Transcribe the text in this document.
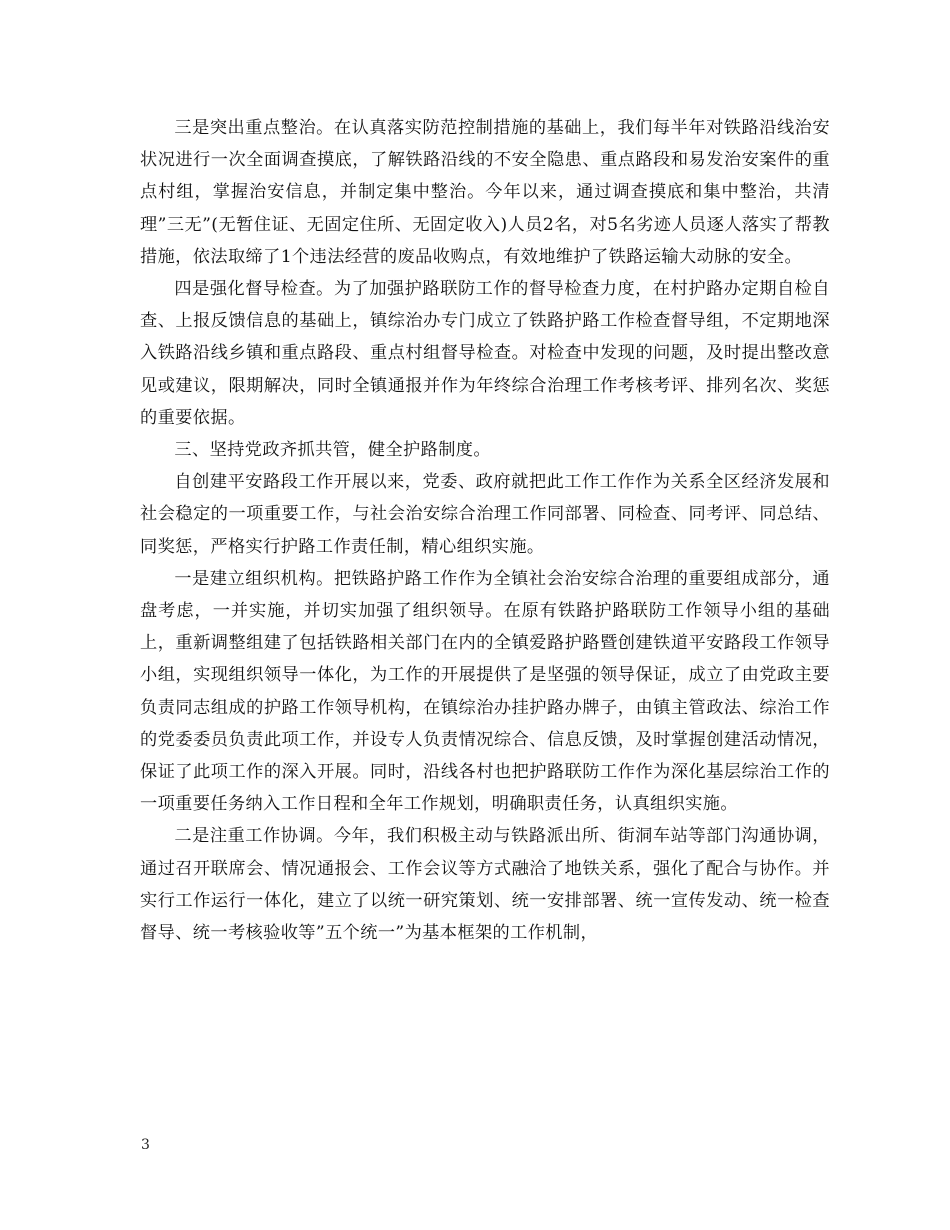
三是突出重点整治。在认真落实防范控制措施的基础上，我们每半年对铁路沿线治安状况进行一次全面调查摸底，了解铁路沿线的不安全隐患、重点路段和易发治安案件的重点村组，掌握治安信息，并制定集中整治。今年以来，通过调查摸底和集中整治，共清理”三无”(无暂住证、无固定住所、无固定收入)人员2名，对5名劣迹人员逐人落实了帮教措施，依法取缔了1个违法经营的废品收购点，有效地维护了铁路运输大动脉的安全。

四是强化督导检查。为了加强护路联防工作的督导检查力度，在村护路办定期自检自查、上报反馈信息的基础上，镇综治办专门成立了铁路护路工作检查督导组，不定期地深入铁路沿线乡镇和重点路段、重点村组督导检查。对检查中发现的问题，及时提出整改意见或建议，限期解决，同时全镇通报并作为年终综合治理工作考核考评、排列名次、奖惩的重要依据。

三、坚持党政齐抓共管，健全护路制度。

自创建平安路段工作开展以来，党委、政府就把此工作工作作为关系全区经济发展和社会稳定的一项重要工作，与社会治安综合治理工作同部署、同检查、同考评、同总结、同奖惩，严格实行护路工作责任制，精心组织实施。

一是建立组织机构。把铁路护路工作作为全镇社会治安综合治理的重要组成部分，通盘考虑，一并实施，并切实加强了组织领导。在原有铁路护路联防工作领导小组的基础上，重新调整组建了包括铁路相关部门在内的全镇爱路护路暨创建铁道平安路段工作领导小组，实现组织领导一体化，为工作的开展提供了是坚强的领导保证，成立了由党政主要负责同志组成的护路工作领导机构，在镇综治办挂护路办牌子，由镇主管政法、综治工作的党委委员负责此项工作，并设专人负责情况综合、信息反馈，及时掌握创建活动情况，保证了此项工作的深入开展。同时，沿线各村也把护路联防工作作为深化基层综治工作的一项重要任务纳入工作日程和全年工作规划，明确职责任务，认真组织实施。

二是注重工作协调。今年，我们积极主动与铁路派出所、街洞车站等部门沟通协调，通过召开联席会、情况通报会、工作会议等方式融洽了地铁关系，强化了配合与协作。并实行工作运行一体化，建立了以统一研究策划、统一安排部署、统一宣传发动、统一检查督导、统一考核验收等”五个统一”为基本框架的工作机制，

3
